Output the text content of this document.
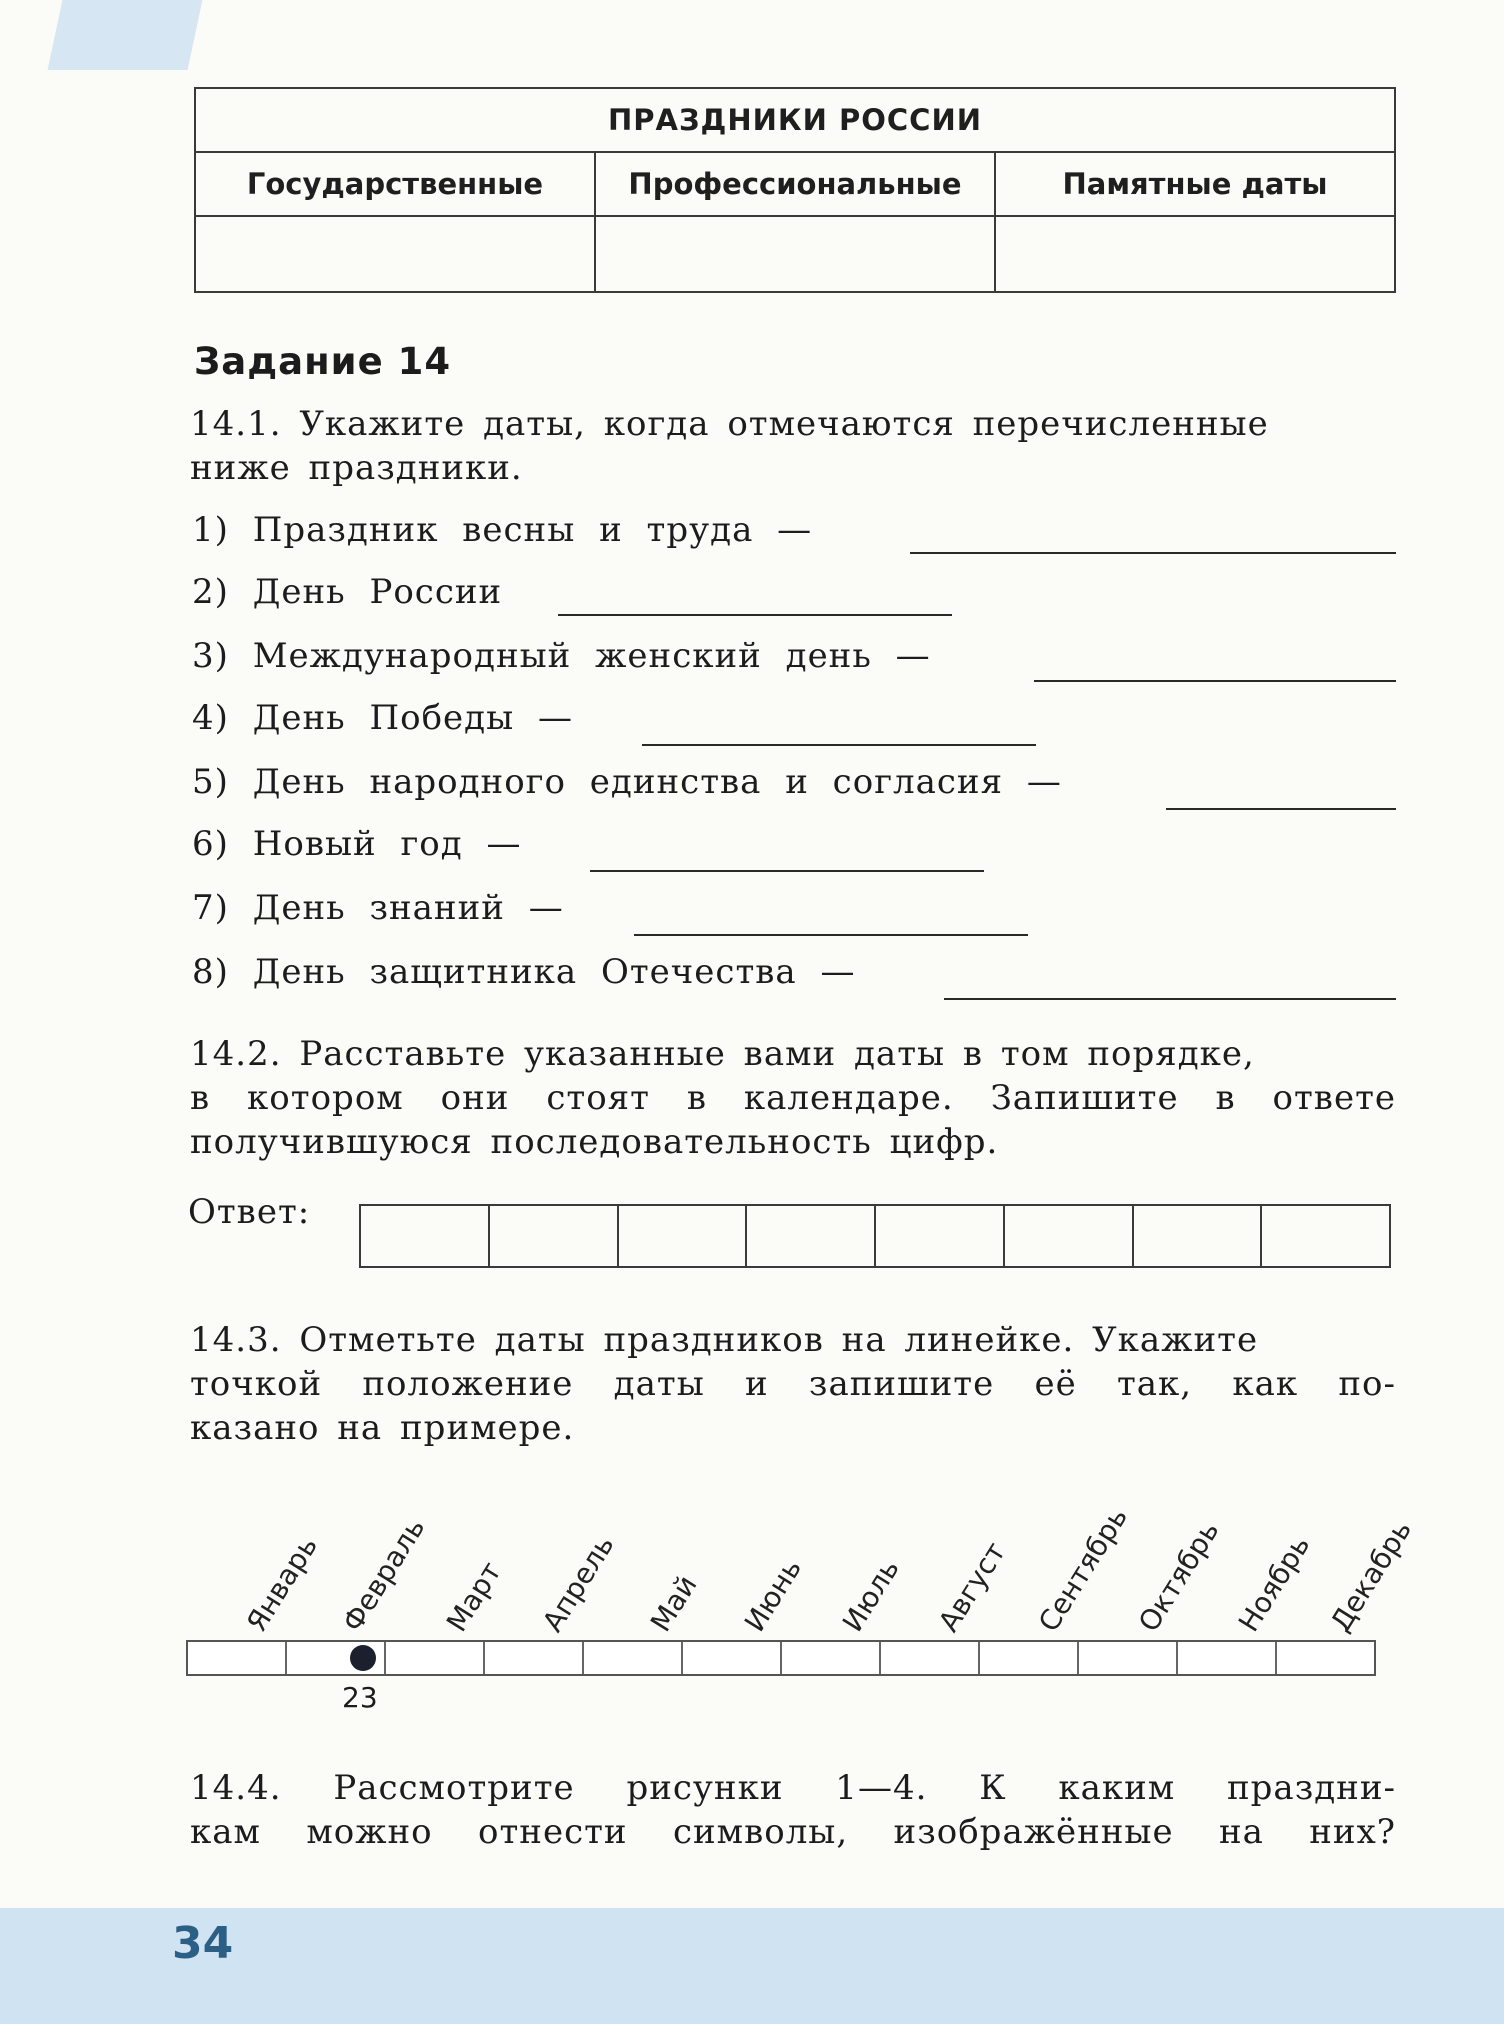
ПРАЗДНИКИ РОССИИ		
Государственные	Профессиональные	Памятные даты

Задание 14
14.1. Укажите даты, когда отмечаются перечисленные
ниже праздники.
1) Праздник весны и труда —
2) День России
3) Международный женский день —
4) День Победы —
5) День народного единства и согласия —
6) Новый год —
7) День знаний —
8) День защитника Отечества —
14.2. Расставьте указанные вами даты в том порядке,
в котором они стоят в календаре. Запишите в ответе
получившуюся последовательность цифр.
Ответ:
14.3. Отметьте даты праздников на линейке. Укажите
точкой положение даты и запишите её так, как по-
казано на примере.
Январь Февраль Март Апрель Май Июнь Июль Август Сентябрь
Октябрь Ноябрь Декабрь
23
14.4. Рассмотрите рисунки 1—4. К каким праздни-
кам можно отнести символы, изображённые на них?
34
